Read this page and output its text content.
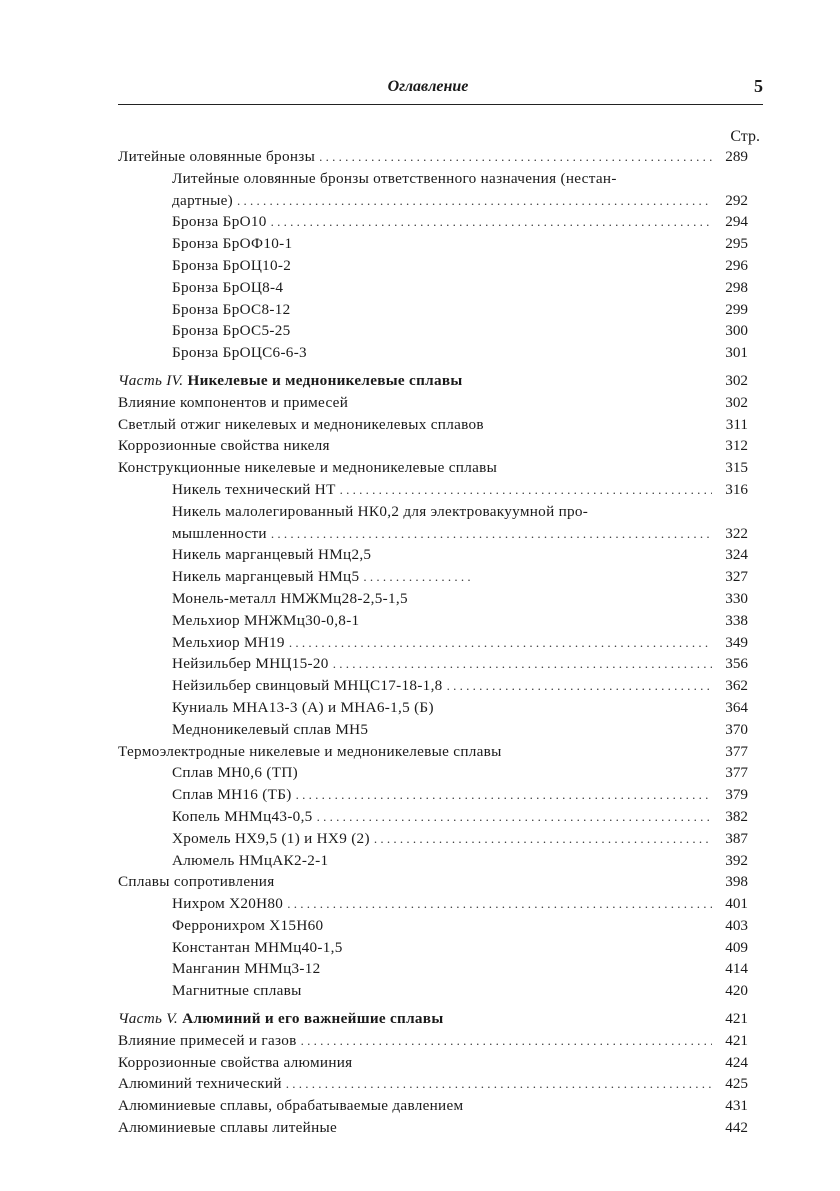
Оглавление	5
Стр.
Литейные оловянные бронзы . . .	289
Литейные оловянные бронзы ответственного назначения (нестан-
дартные) . . .	292
Бронза БрО10 . . .	294
Бронза БрОФ10-1	295
Бронза БрОЦ10-2	296
Бронза БрОЦ8-4	298
Бронза БрОС8-12	299
Бронза БрОС5-25	300
Бронза БрОЦС6-6-3	301
Часть IV. Никелевые и медноникелевые сплавы	302
Влияние компонентов и примесей	302
Светлый отжиг никелевых и медноникелевых сплавов	311
Коррозионные свойства никеля	312
Конструкционные никелевые и медноникелевые сплавы	315
Никель технический НТ . . .	316
Никель малолегированный НК0,2 для электровакуумной про-
мышленности . . .	322
Никель марганцевый НМц2,5	324
Никель марганцевый НМц5 . . .	327
Монель-металл НМЖМц28-2,5-1,5	330
Мельхиор МНЖМц30-0,8-1	338
Мельхиор МН19 . . .	349
Нейзильбер МНЦ15-20 . . .	356
Нейзильбер свинцовый МНЦС17-18-1,8 . . .	362
Куниаль МНА13-3 (А) и МНА6-1,5 (Б)	364
Медноникелевый сплав МН5	370
Термоэлектродные никелевые и медноникелевые сплавы	377
Сплав МН0,6 (ТП)	377
Сплав МН16 (ТБ) . . .	379
Копель МНМц43-0,5 . . .	382
Хромель НХ9,5 (1) и НХ9 (2) . . .	387
Алюмель НМцАК2-2-1	392
Сплавы сопротивления	398
Нихром Х20Н80 . . .	401
Ферронихром Х15Н60	403
Константан МНМц40-1,5	409
Манганин МНМц3-12	414
Магнитные сплавы	420
Часть V. Алюминий и его важнейшие сплавы	421
Влияние примесей и газов . . .	421
Коррозионные свойства алюминия	424
Алюминий технический . . .	425
Алюминиевые сплавы, обрабатываемые давлением	431
Алюминиевые сплавы литейные	442
